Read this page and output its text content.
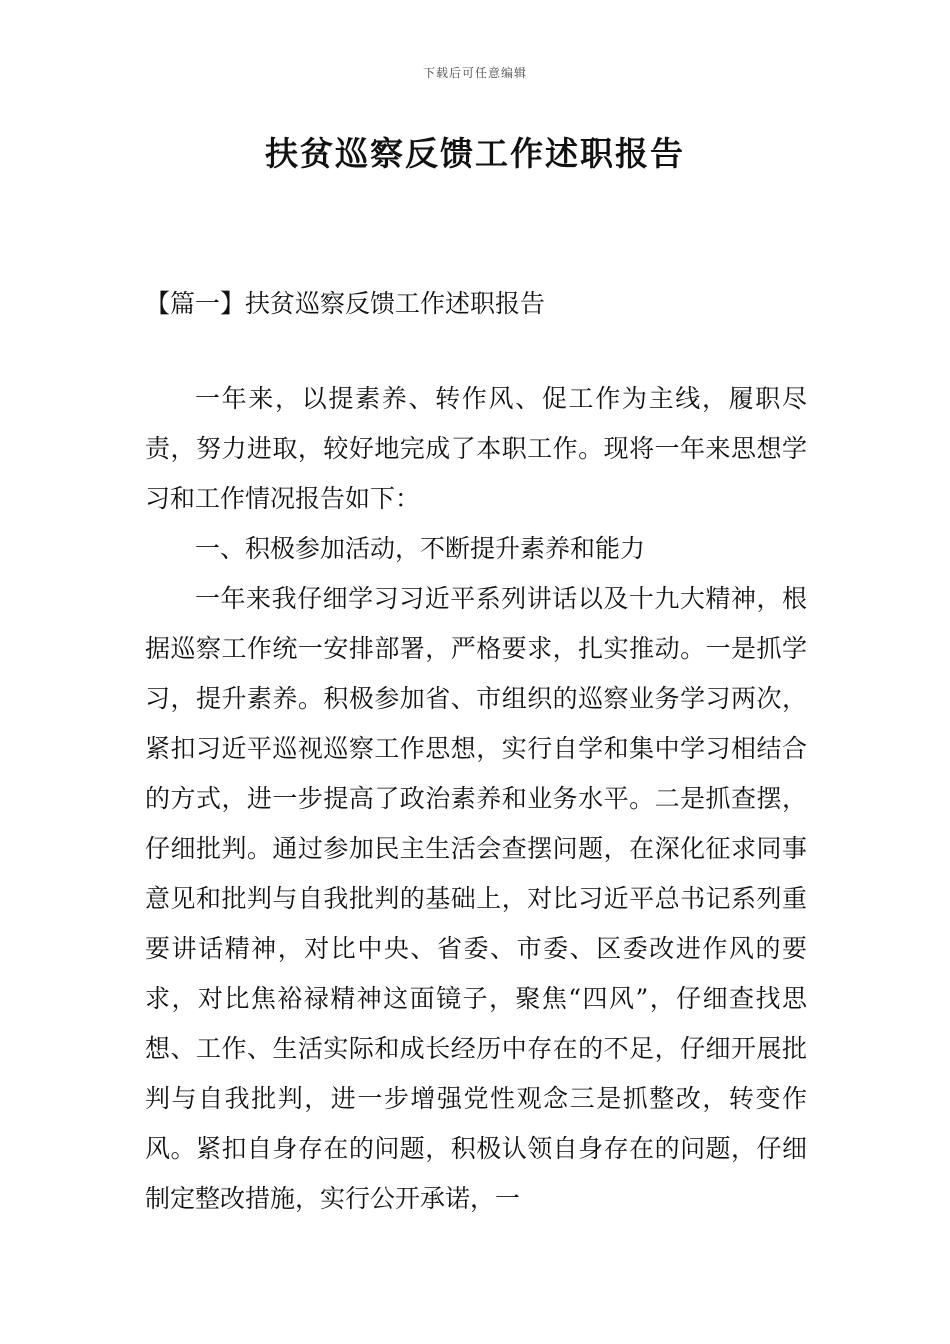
下载后可任意编辑
扶贫巡察反馈工作述职报告
【篇一】扶贫巡察反馈工作述职报告

一年来，以提素养、转作风、促工作为主线，履职尽责，努力进取，较好地完成了本职工作。现将一年来思想学习和工作情况报告如下：

一、积极参加活动，不断提升素养和能力

一年来我仔细学习习近平系列讲话以及十九大精神，根据巡察工作统一安排部署，严格要求，扎实推动。一是抓学习，提升素养。积极参加省、市组织的巡察业务学习两次，紧扣习近平巡视巡察工作思想，实行自学和集中学习相结合的方式，进一步提高了政治素养和业务水平。二是抓查摆，仔细批判。通过参加民主生活会查摆问题，在深化征求同事意见和批判与自我批判的基础上，对比习近平总书记系列重要讲话精神，对比中央、省委、市委、区委改进作风的要求，对比焦裕禄精神这面镜子，聚焦“四风”，仔细查找思想、工作、生活实际和成长经历中存在的不足，仔细开展批判与自我批判，进一步增强党性观念三是抓整改，转变作风。紧扣自身存在的问题，积极认领自身存在的问题，仔细制定整改措施，实行公开承诺，一
